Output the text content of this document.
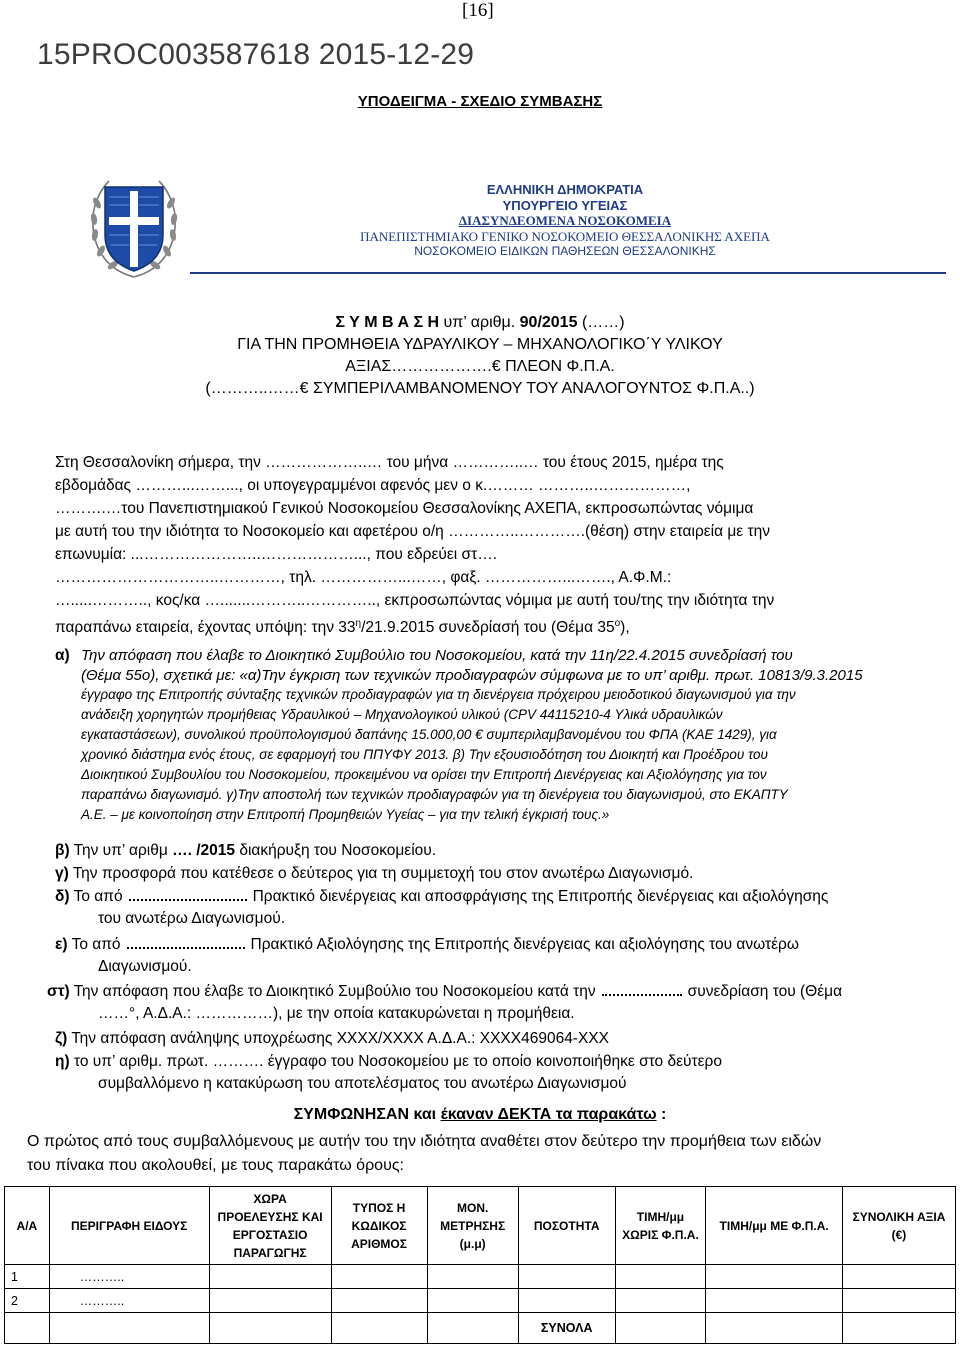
[16]
15PROC003587618 2015-12-29
ΥΠΟΔΕΙΓΜΑ - ΣΧΕΔΙΟ ΣΥΜΒΑΣΗΣ
ΕΛΛΗΝΙΚΗ ΔΗΜΟΚΡΑΤΙΑ
ΥΠΟΥΡΓΕΙΟ ΥΓΕΙΑΣ
ΔΙΑΣΥΝΔΕΟΜΕΝΑ ΝΟΣΟΚΟΜΕΙΑ
ΠΑΝΕΠΙΣΤΗΜΙΑΚΟ ΓΕΝΙΚΟ ΝΟΣΟΚΟΜΕΙΟ ΘΕΣΣΑΛΟΝΙΚΗΣ ΑΧΕΠΑ
ΝΟΣΟΚΟΜΕΙΟ ΕΙΔΙΚΩΝ ΠΑΘΗΣΕΩΝ ΘΕΣΣΑΛΟΝΙΚΗΣ
Σ Υ Μ Β Α Σ Η υπ’ αριθμ. 90/2015 (……)
ΓΙΑ ΤΗΝ ΠΡΟΜΗΘΕΙΑ ΥΔΡΑΥΛΙΚΟΥ – ΜΗΧΑΝΟΛΟΓΙΚΟ΄Υ ΥΛΙΚΟΥ
ΑΞΙΑΣ……………….€ ΠΛΕΟΝ Φ.Π.Α.
(………..……€ ΣΥΜΠΕΡΙΛΑΜΒΑΝΟΜΕΝΟΥ ΤΟΥ ΑΝΑΛΟΓΟΥΝΤΟΣ Φ.Π.Α..)
Στη Θεσσαλονίκη σήμερα, την ………………..… του μήνα …………..… του έτους 2015, ημέρα της
εβδομάδας ………...……..., οι υπογεγραμμένοι αφενός μεν ο κ.……… ………..………………,
……….…του Πανεπιστημιακού Γενικού Νοσοκομείου Θεσσαλονίκης ΑΧΕΠΑ, εκπροσωπώντας νόμιμα
με αυτή του την ιδιότητα το Νοσοκομείο και αφετέρου ο/η …………..………….(θέση) στην εταιρεία με την
επωνυμία: ...…………………..………………..., που εδρεύει στ….
…………………………..…………, τηλ. ……………...……, φαξ. ……………...……., Α.Φ.Μ.:
….....……….., κος/κα ….......………..………….., εκπροσωπώντας νόμιμα με αυτή του/της την ιδιότητα την
παραπάνω εταιρεία, έχοντας υπόψη: την $33^\eta/21.9.2015$ συνεδρίασή του (Θέμα $35^o$),
α) Την απόφαση που έλαβε το Διοικητικό Συμβούλιο του Νοσοκομείου, κατά την 11η/22.4.2015 συνεδρίασή του
(Θέμα 55ο), σχετικά με: «α)Την έγκριση των τεχνικών προδιαγραφών σύμφωνα με το υπ’ αριθμ. πρωτ. 10813/9.3.2015
έγγραφο της Επιτροπής σύνταξης τεχνικών προδιαγραφών για τη διενέργεια πρόχειρου μειοδοτικού διαγωνισμού για την
ανάδειξη χορηγητών προμήθειας Υδραυλικού – Μηχανολογικού υλικού (CPV 44115210-4 Υλικά υδραυλικών
εγκαταστάσεων), συνολικού προϋπολογισμού δαπάνης 15.000,00 € συμπεριλαμβανομένου του ΦΠΑ (ΚΑΕ 1429), για
χρονικό διάστημα ενός έτους, σε εφαρμογή του ΠΠΥΦΥ 2013. β) Την εξουσιοδότηση του Διοικητή και Προέδρου του
Διοικητικού Συμβουλίου του Νοσοκομείου, προκειμένου να ορίσει την Επιτροπή Διενέργειας και Αξιολόγησης για τον
παραπάνω διαγωνισμό. γ)Την αποστολή των τεχνικών προδιαγραφών για τη διενέργεια του διαγωνισμού, στο ΕΚΑΠΤΥ
Α.Ε. – με κοινοποίηση στην Επιτροπή Προμηθειών Υγείας – για την τελική έγκρισή τους.»
β) Την υπ’ αριθμ …. /2015 διακήρυξη του Νοσοκομείου.
γ) Την προσφορά που κατέθεσε ο δεύτερος για τη συμμετοχή του στον ανωτέρω Διαγωνισμό.
δ) Το από	Πρακτικό διενέργειας και αποσφράγισης της Επιτροπής διενέργειας και αξιολόγησης
του ανωτέρω Διαγωνισμού.
ε) Το από	Πρακτικό Αξιολόγησης της Επιτροπής διενέργειας και αξιολόγησης του ανωτέρω
Διαγωνισμού.
στ) Την απόφαση που έλαβε το Διοικητικό Συμβούλιο του Νοσοκομείου κατά την	συνεδρίαση του (Θέμα
……°, Α.Δ.Α.: ……………), με την οποία κατακυρώνεται η προμήθεια.
ζ) Την απόφαση ανάληψης υποχρέωσης ΧΧΧΧ/ΧΧΧΧ Α.Δ.Α.: ΧΧΧΧ469064-ΧΧΧ
η) το υπ’ αριθμ. πρωτ. ………. έγγραφο του Νοσοκομείου με το οποίο κοινοποιήθηκε στο δεύτερο
συμβαλλόμενο η κατακύρωση του αποτελέσματος του ανωτέρω Διαγωνισμού
ΣΥΜΦΩΝΗΣΑΝ και έκαναν ΔΕΚΤΑ τα παρακάτω :
Ο πρώτος από τους συμβαλλόμενους με αυτήν του την ιδιότητα αναθέτει στον δεύτερο την προμήθεια των ειδών
του πίνακα που ακολουθεί, με τους παρακάτω όρους:
Α/Α	ΠΕΡΙΓΡΑΦΗ ΕΙΔΟΥΣ	ΧΩΡΑ ΠΡΟΕΛΕΥΣΗΣ ΚΑΙ ΕΡΓΟΣΤΑΣΙΟ ΠΑΡΑΓΩΓΗΣ	ΤΥΠΟΣ Η ΚΩΔΙΚΟΣ ΑΡΙΘΜΟΣ	ΜΟΝ. ΜΕΤΡΗΣΗΣ (μ.μ)	ΠΟΣΟΤΗΤΑ	ΤΙΜΗ/μμ ΧΩΡΙΣ Φ.Π.Α.	ΤΙΜΗ/μμ ΜΕ Φ.Π.Α.	ΣΥΝΟΛΙΚΗ ΑΞΙΑ (€)
1	………..							
2	………..							
					ΣΥΝΟΛΑ			
